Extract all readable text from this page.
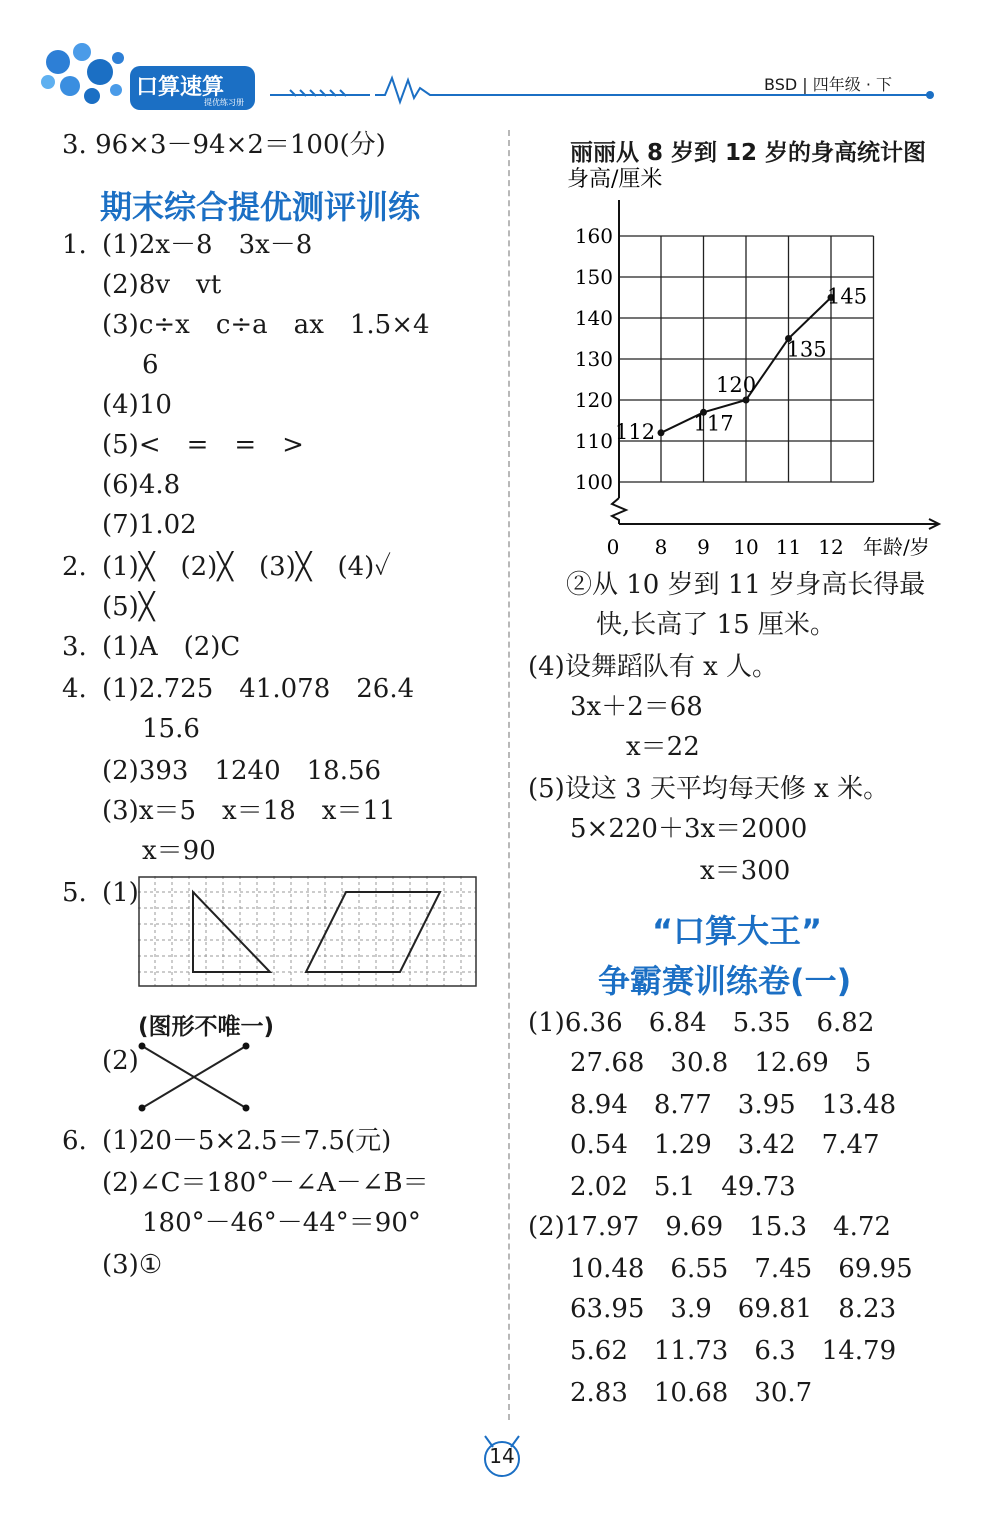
口算速算
提优练习册
BSD | 四年级 · 下
3. 96×3－94×2＝100(分)
期末综合提优测评训练
1. (1)2x－8　3x－8
(2)8v　vt
(3)c÷x　c÷a　ax　1.5×4
6
(4)10
(5)<　=　=　>
(6)4.8
(7)1.02
2. (1)╳　(2)╳　(3)╳　(4)✓
(5)╳
3. (1)A　(2)C
4. (1)2.725　41.078　26.4
15.6
(2)393　1240　18.56
(3)x＝5　x＝18　x＝11
x＝90
5. (1)
(图形不唯一)
(2)
6. (1)20－5×2.5＝7.5(元)
(2)∠C＝180°－∠A－∠B＝
180°－46°－44°＝90°
(3)①
丽丽从 8 岁到 12 岁的身高统计图
身高/厘米
100
110
120
130
140
150
160
0 8 9 10 11 12 年龄/岁
112 117
120
135
145
②从 10 岁到 11 岁身高长得最
快,长高了 15 厘米。
(4)设舞蹈队有 x 人。
3x＋2＝68
x＝22
(5)设这 3 天平均每天修 x 米。
5×220＋3x＝2000
x＝300
“口算大王”
争霸赛训练卷(一)
(1)6.36　6.84　5.35　6.82
27.68　30.8　12.69　5
8.94　8.77　3.95　13.48
0.54　1.29　3.42　7.47
2.02　5.1　49.73
(2)17.97　9.69　15.3　4.72
10.48　6.55　7.45　69.95
63.95　3.9　69.81　8.23
5.62　11.73　6.3　14.79
2.83　10.68　30.7
14
